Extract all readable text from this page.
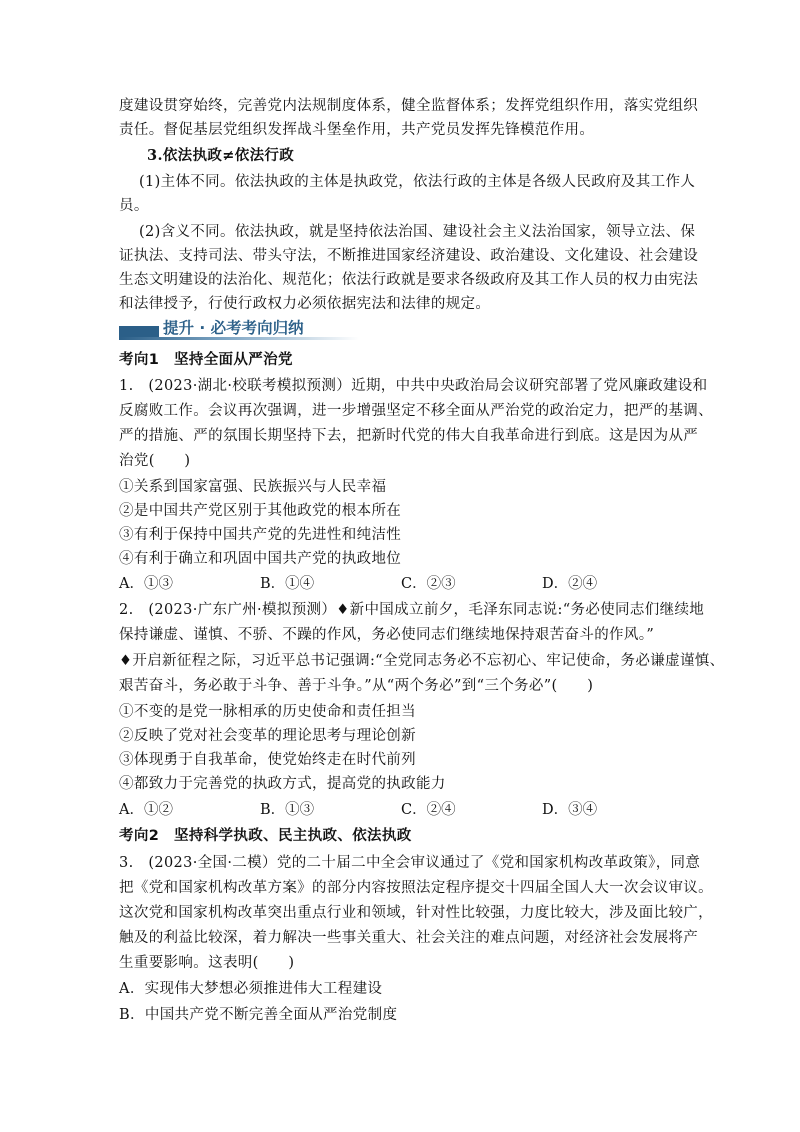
度建设贯穿始终，完善党内法规制度体系，健全监督体系；发挥党组织作用，落实党组织
责任。督促基层党组织发挥战斗堡垒作用，共产党员发挥先锋模范作用。
3.依法执政≠依法行政
(1)主体不同。依法执政的主体是执政党，依法行政的主体是各级人民政府及其工作人
员。
(2)含义不同。依法执政，就是坚持依法治国、建设社会主义法治国家，领导立法、保
证执法、支持司法、带头守法，不断推进国家经济建设、政治建设、文化建设、社会建设
生态文明建设的法治化、规范化；依法行政就是要求各级政府及其工作人员的权力由宪法
和法律授予，行使行政权力必须依据宪法和法律的规定。
提升 · 必考考向归纳
考向1　坚持全面从严治党
1.　(2023·湖北·校联考模拟预测）近期，中共中央政治局会议研究部署了党风廉政建设和
反腐败工作。会议再次强调，进一步增强坚定不移全面从严治党的政治定力，把严的基调、
严的措施、严的氛围长期坚持下去，把新时代党的伟大自我革命进行到底。这是因为从严
治党(　　)
①关系到国家富强、民族振兴与人民幸福
②是中国共产党区别于其他政党的根本所在
③有利于保持中国共产党的先进性和纯洁性
④有利于确立和巩固中国共产党的执政地位
A．①③	B．①④	C．②③	D．②④
2.　(2023·广东广州·模拟预测）♦新中国成立前夕，毛泽东同志说:“务必使同志们继续地
保持谦虚、谨慎、不骄、不躁的作风，务必使同志们继续地保持艰苦奋斗的作风。”
♦开启新征程之际，习近平总书记强调:“全党同志务必不忘初心、牢记使命，务必谦虚谨慎、
艰苦奋斗，务必敢于斗争、善于斗争。”从“两个务必”到“三个务必”(　　)
①不变的是党一脉相承的历史使命和责任担当
②反映了党对社会变革的理论思考与理论创新
③体现勇于自我革命，使党始终走在时代前列
④都致力于完善党的执政方式，提高党的执政能力
A．①②	B．①③	C．②④	D．③④
考向2　坚持科学执政、民主执政、依法执政
3.　(2023·全国·二模）党的二十届二中全会审议通过了《党和国家机构改革政策》，同意
把《党和国家机构改革方案》的部分内容按照法定程序提交十四届全国人大一次会议审议。
这次党和国家机构改革突出重点行业和领域，针对性比较强，力度比较大，涉及面比较广，
触及的利益比较深，着力解决一些事关重大、社会关注的难点问题，对经济社会发展将产
生重要影响。这表明(　　)
A．实现伟大梦想必须推进伟大工程建设
B．中国共产党不断完善全面从严治党制度
